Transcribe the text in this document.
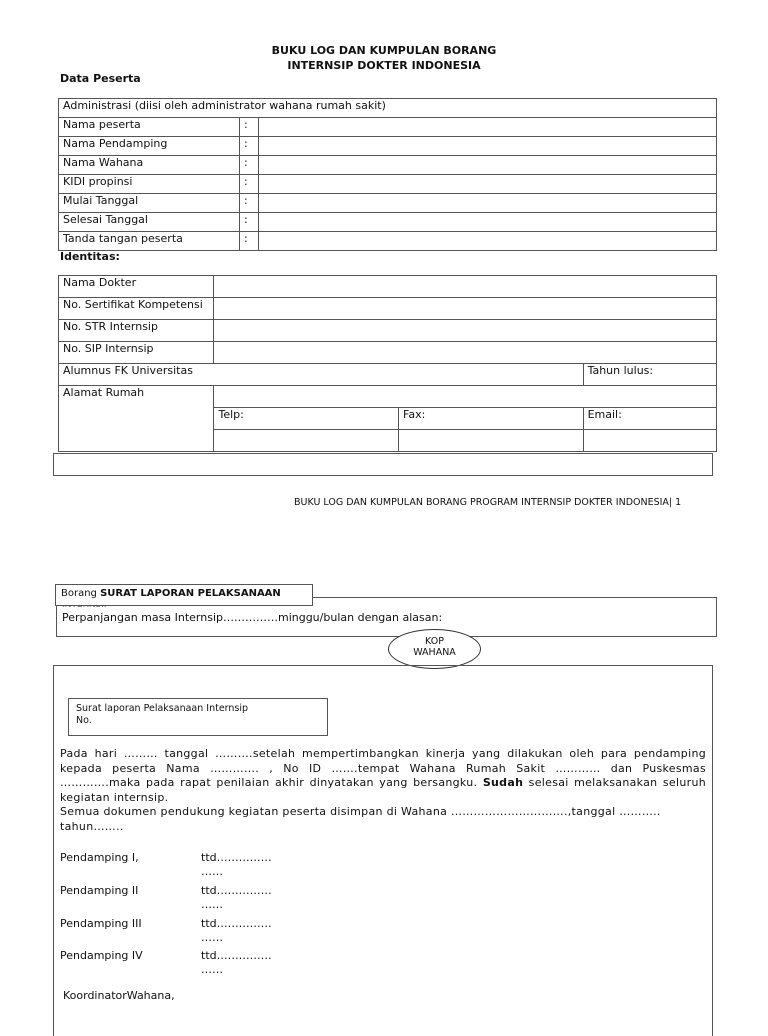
BUKU LOG DAN KUMPULAN BORANG
INTERNSIP DOKTER INDONESIA
Data Peserta
Administrasi (diisi oleh administrator wahana rumah sakit)		
Nama peserta	:	
Nama Pendamping	:	
Nama Wahana	:	
KIDI propinsi	:	
Mulai Tanggal	:	
Selesai Tanggal	:	
Tanda tangan peserta	:	
Identitas:
Nama Dokter			
No. Sertifikat Kompetensi			
No. STR Internsip			
No. SIP Internsip			
Alumnus FK Universitas			Tahun lulus:
Alamat Rumah			
	Telp:	Fax:	Email:

BUKU LOG DAN KUMPULAN BORANG PROGRAM INTERNSIP DOKTER INDONESIA| 1
Perpanjangan masa Internsip……………minggu/bulan dengan alasan:
Borang SURAT LAPORAN PELAKSANAAN
KOP
WAHANA
Surat laporan Pelaksanaan Internsip
No.
Pada hari ……… tanggal ……….setelah mempertimbangkan kinerja yang dilakukan oleh para pendamping
kepada peserta Nama …………. , No ID …….tempat Wahana Rumah Sakit ………… dan Puskesmas
………….maka pada rapat penilaian akhir dinyatakan yang bersangku. Sudah selesai melaksanakan seluruh
kegiatan internsip.
Semua dokumen pendukung kegiatan peserta disimpan di Wahana ………………………….,tanggal ………..
tahun……..
Pendamping I,	ttd……………
……
Pendamping II	ttd……………
……
Pendamping III	ttd……………
……
Pendamping IV	ttd……………
……
KoordinatorWahana,
